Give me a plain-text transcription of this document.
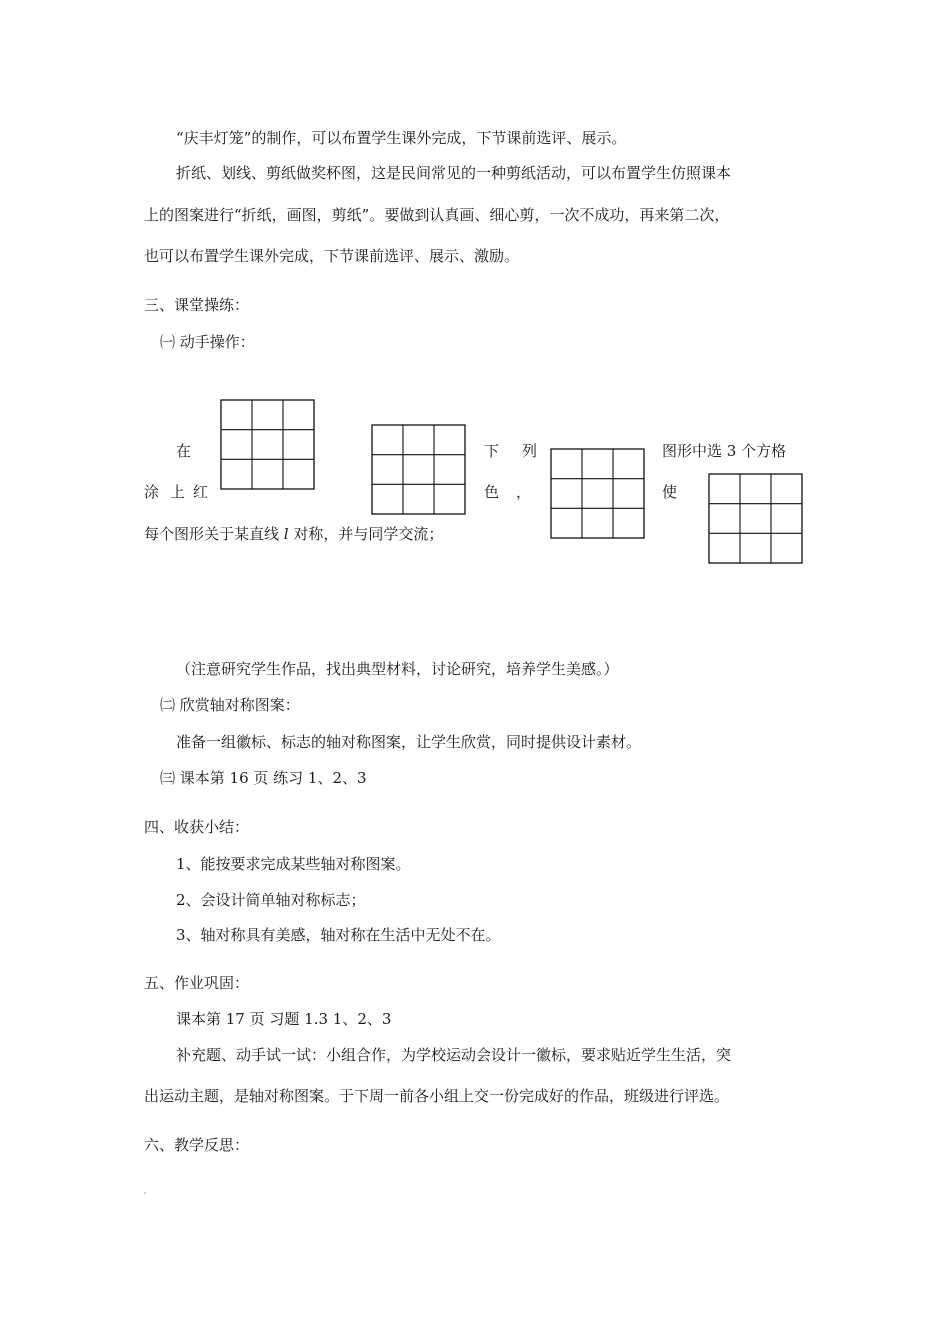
“庆丰灯笼”的制作，可以布置学生课外完成，下节课前选评、展示。
折纸、划线、剪纸做奖杯图，这是民间常见的一种剪纸活动，可以布置学生仿照课本
上的图案进行“折纸，画图，剪纸”。要做到认真画、细心剪，一次不成功，再来第二次，
也可以布置学生课外完成，下节课前选评、展示、激励。
三、课堂操练：
㈠ 动手操作：
在	下 列	图形中选 3 个方格
涂 上 红	色 ，	使
每个图形关于某直线 l 对称，并与同学交流；
（注意研究学生作品，找出典型材料，讨论研究，培养学生美感。）
㈡ 欣赏轴对称图案：
准备一组徽标、标志的轴对称图案，让学生欣赏，同时提供设计素材。
㈢ 课本第 16 页 练习 1、2、3
四、收获小结：
1、能按要求完成某些轴对称图案。
2、会设计简单轴对称标志；
3、轴对称具有美感，轴对称在生活中无处不在。
五、作业巩固：
课本第 17 页 习题 1.3 1、2、3
补充题、动手试一试：小组合作，为学校运动会设计一徽标，要求贴近学生生活，突
出运动主题，是轴对称图案。于下周一前各小组上交一份完成好的作品，班级进行评选。
六、教学反思：
